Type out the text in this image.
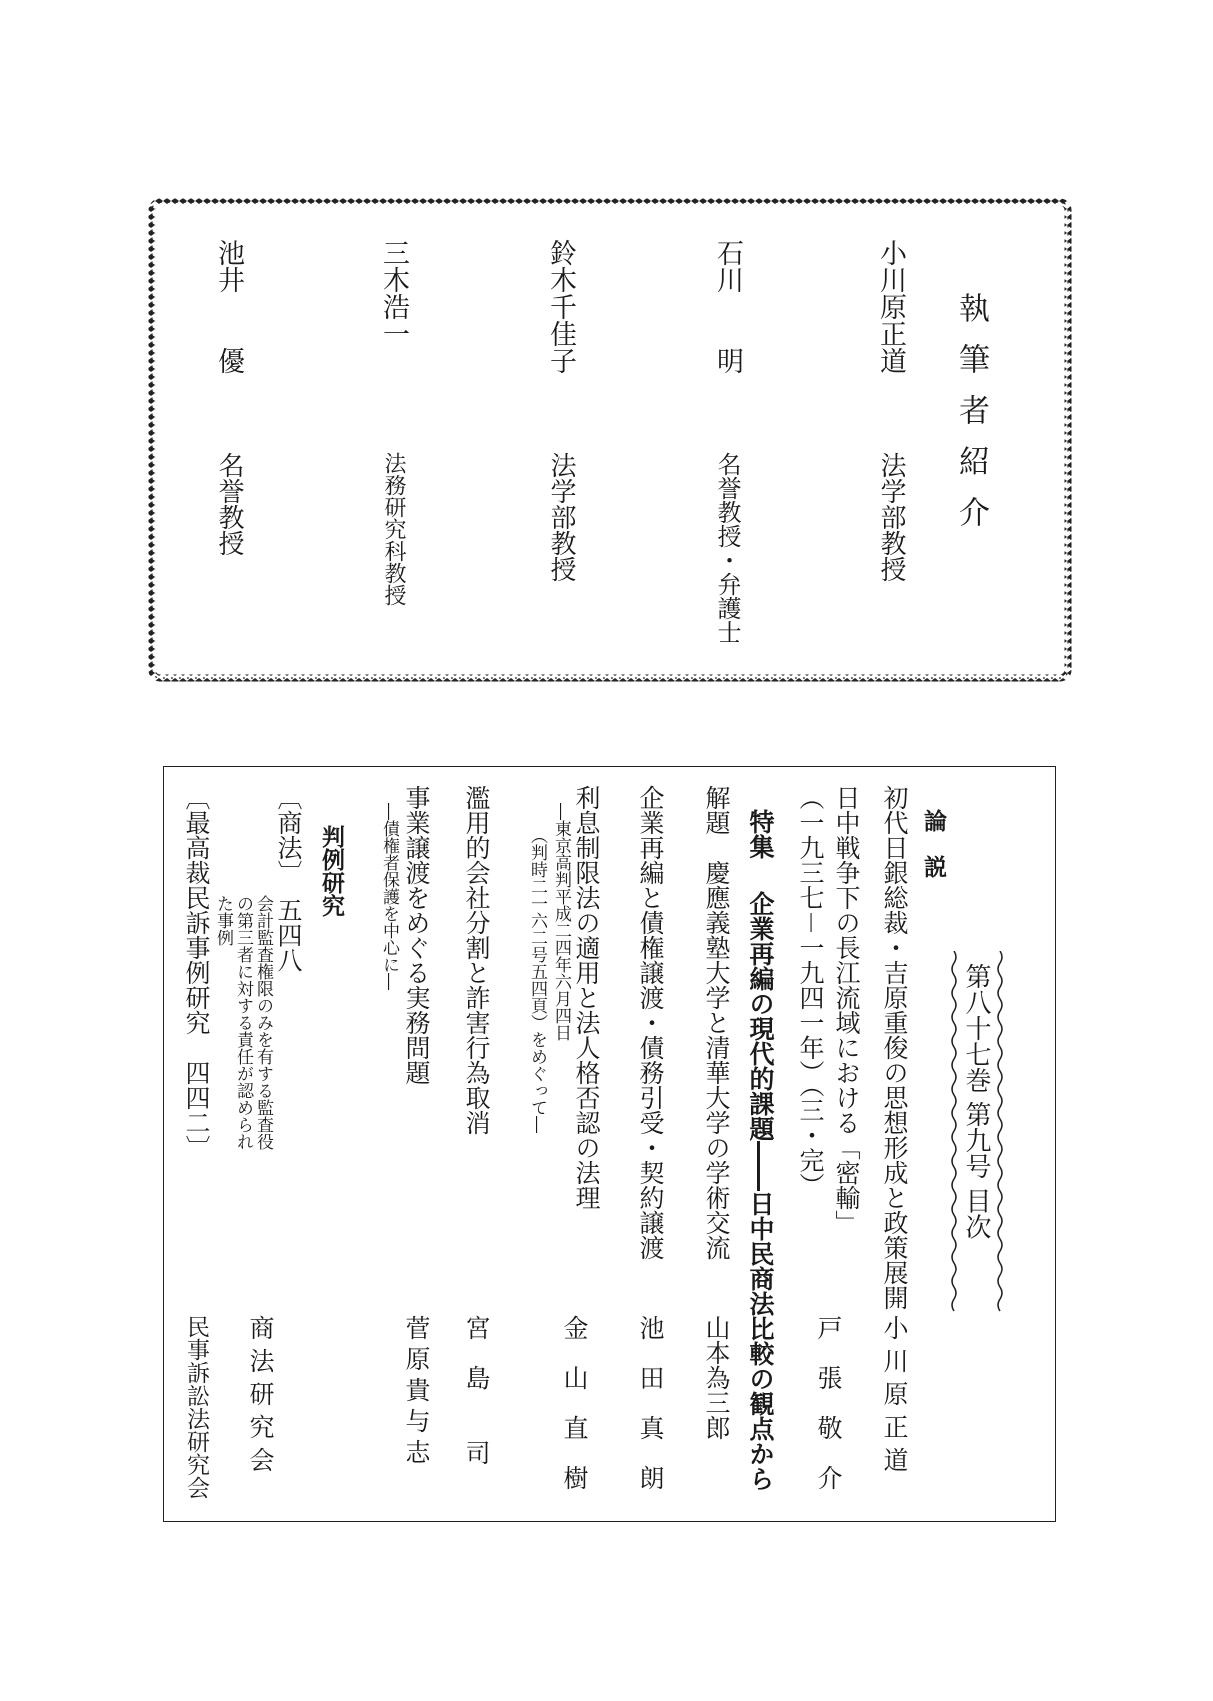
執筆者紹介
小川原正道
法学部教授
石川　　明
名誉教授・弁護士
鈴木千佳子
法学部教授
三木浩一
法務研究科教授
池井　　優
名誉教授
第八十七巻 第九号 目次
論　説
初代日銀総裁・吉原重俊の思想形成と政策展開
小川原正道
日中戦争下の長江流域における「密輸」
（一九三七－一九四一年）（三・完）
戸　張　敬　介
特集
企業再編の現代的課題――日中民商法比較の観点から
解題　慶應義塾大学と清華大学の学術交流
山本為三郎
企業再編と債権譲渡・債務引受・契約譲渡
池　田　真　朗
利息制限法の適用と法人格否認の法理
―東京高判平成二四年六月四日
（判時二一六二号五四頁）をめぐって―
金　山　直　樹
濫用的会社分割と詐害行為取消
宮　島　　司
事業譲渡をめぐる実務問題
―債権者保護を中心に―
菅原貴与志
判例研究
〔商法〕　五四八
会計監査権限のみを有する監査役
の第三者に対する責任が認められ
た事例
商法研究会
〔最高裁民訴事例研究　四四二〕
民事訴訟法研究会
